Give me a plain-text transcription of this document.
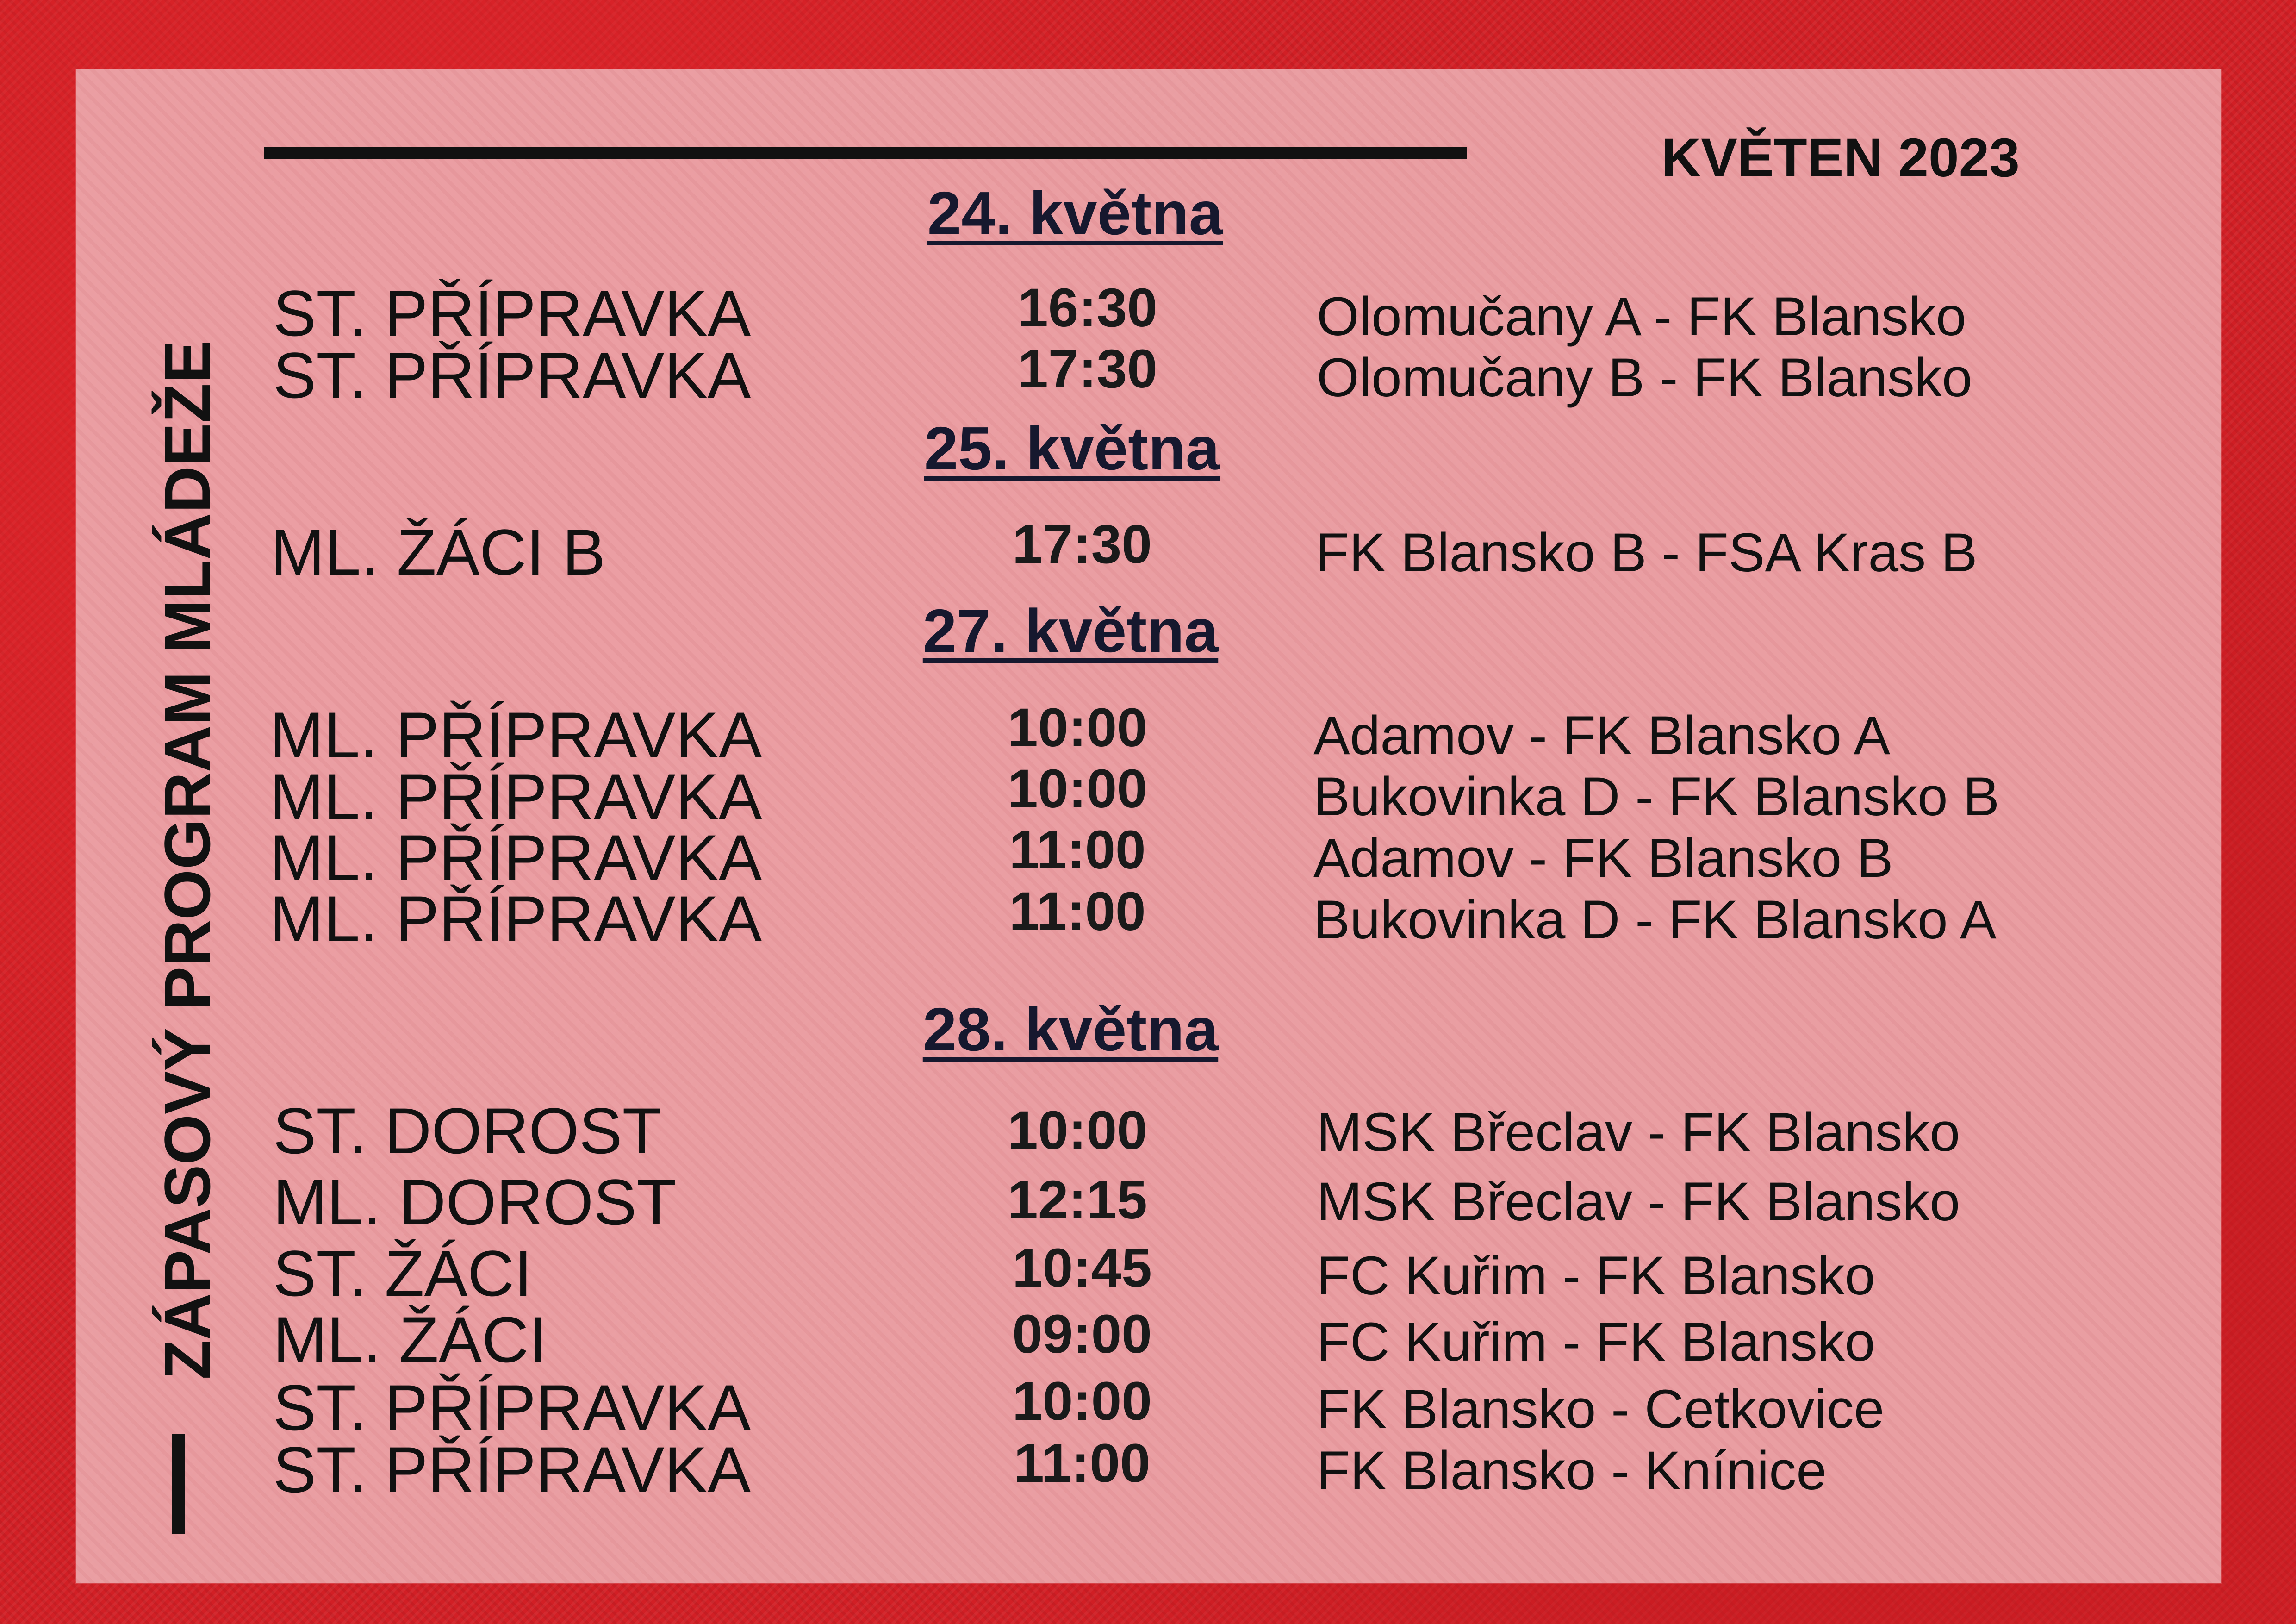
ZÁPASOVÝ PROGRAM MLÁDEŽE
KVĚTEN 2023
24. května
ST. PŘÍPRAVKA	16:30	Olomučany A - FK Blansko
ST. PŘÍPRAVKA	17:30	Olomučany B - FK Blansko
25. května
ML. ŽÁCI B	17:30	FK Blansko B - FSA Kras B
27. května
ML. PŘÍPRAVKA	10:00	Adamov - FK Blansko A
ML. PŘÍPRAVKA	10:00	Bukovinka D - FK Blansko B
ML. PŘÍPRAVKA	11:00	Adamov - FK Blansko B
ML. PŘÍPRAVKA	11:00	Bukovinka D - FK Blansko A
28. května
ST. DOROST	10:00	MSK Břeclav - FK Blansko
ML. DOROST	12:15	MSK Břeclav - FK Blansko
ST. ŽÁCI	10:45	FC Kuřim - FK Blansko
ML. ŽÁCI	09:00	FC Kuřim - FK Blansko
ST. PŘÍPRAVKA	10:00	FK Blansko - Cetkovice
ST. PŘÍPRAVKA	11:00	FK Blansko - Knínice
